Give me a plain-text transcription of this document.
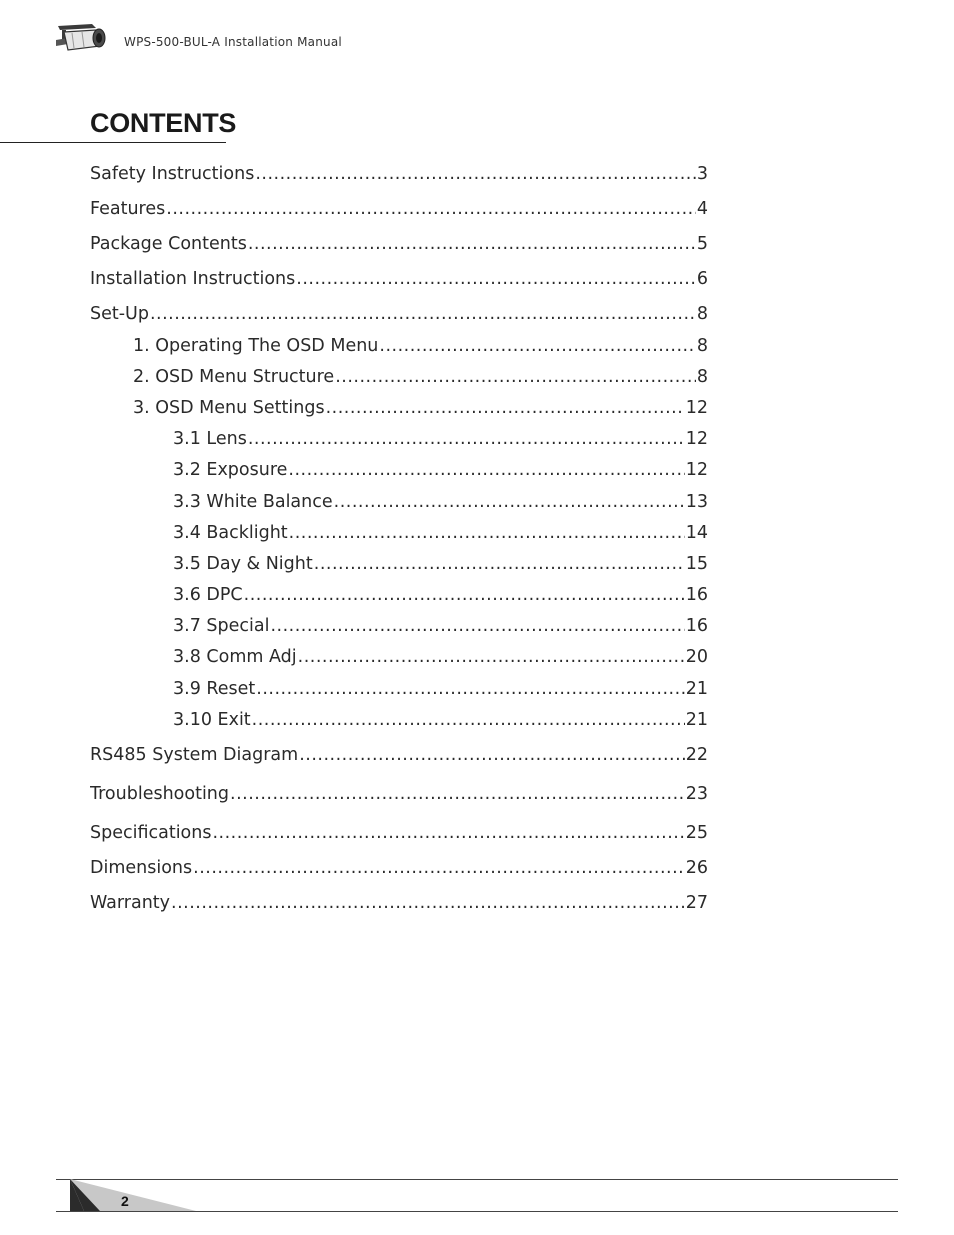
WPS-500-BUL-A Installation Manual
CONTENTS
Safety Instructions .....	3
Features .....	4
Package Contents .....	5
Installation Instructions .....	6
Set-Up .....	8
1. Operating The OSD Menu .....	8
2. OSD Menu Structure .....	8
3. OSD Menu Settings .....	12
3.1 Lens .....	12
3.2 Exposure .....	12
3.3 White Balance .....	13
3.4 Backlight .....	14
3.5 Day & Night .....	15
3.6 DPC .....	16
3.7 Special .....	16
3.8 Comm Adj .....	20
3.9 Reset .....	21
3.10 Exit .....	21
RS485 System Diagram .....	22
Troubleshooting .....	23
Specifications .....	25
Dimensions .....	26
Warranty .....	27
2
